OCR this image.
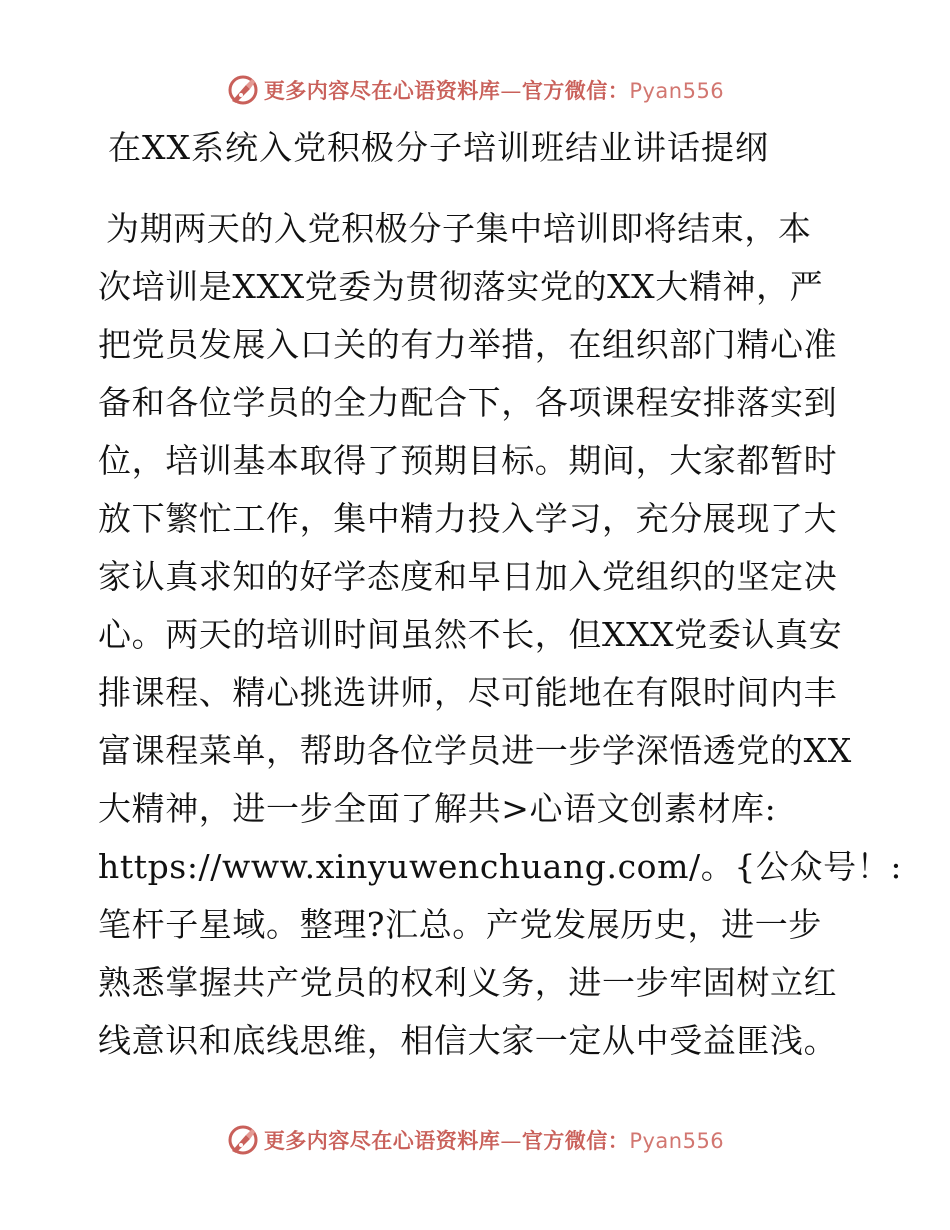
更多内容尽在心语资料库—官方微信：Pyan556
在XX系统入党积极分子培训班结业讲话提纲
为期两天的入党积极分子集中培训即将结束，本
次培训是XXX党委为贯彻落实党的XX大精神，严
把党员发展入口关的有力举措，在组织部门精心准
备和各位学员的全力配合下，各项课程安排落实到
位，培训基本取得了预期目标。期间，大家都暂时
放下繁忙工作，集中精力投入学习，充分展现了大
家认真求知的好学态度和早日加入党组织的坚定决
心。两天的培训时间虽然不长，但XXX党委认真安
排课程、精心挑选讲师，尽可能地在有限时间内丰
富课程菜单，帮助各位学员进一步学深悟透党的XX
大精神，进一步全面了解共>心语文创素材库:
https://www.xinyuwenchuang.com/。{公众号！:
笔杆子星域。整理?汇总。产党发展历史，进一步
熟悉掌握共产党员的权利义务，进一步牢固树立红
线意识和底线思维，相信大家一定从中受益匪浅。
更多内容尽在心语资料库—官方微信：Pyan556
